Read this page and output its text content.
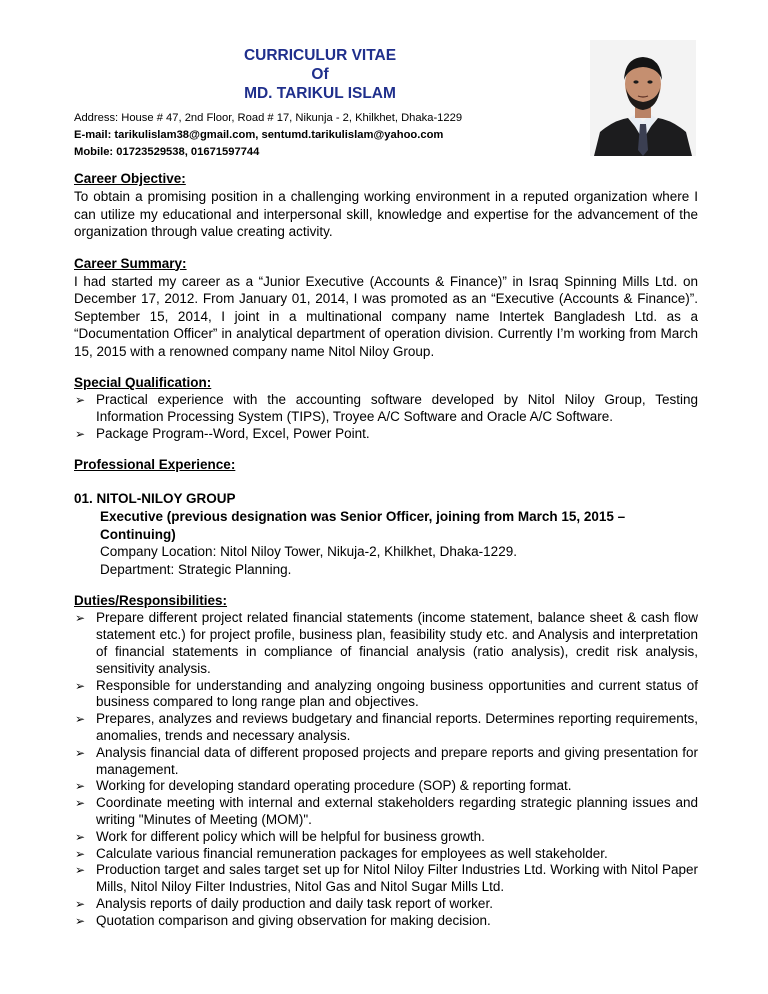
CURRICULUR VITAE
Of
MD. TARIKUL ISLAM
Address: House # 47, 2nd Floor, Road # 17, Nikunja - 2, Khilkhet, Dhaka-1229
E-mail: tarikulislam38@gmail.com, sentumd.tarikulislam@yahoo.com
Mobile: 01723529538, 01671597744
Career Objective:

To obtain a promising position in a challenging working environment in a reputed organization where I can utilize my educational and interpersonal skill, knowledge and expertise for the advancement of the organization through value creating activity.

Career Summary:

I had started my career as a “Junior Executive (Accounts & Finance)” in Israq Spinning Mills Ltd. on December 17, 2012. From January 01, 2014, I was promoted as an “Executive (Accounts & Finance)”. September 15, 2014, I joint in a multinational company name Intertek Bangladesh Ltd. as a “Documentation Officer” in analytical department of operation division. Currently I’m working from March 15, 2015 with a renowned company name Nitol Niloy Group.

Special Qualification:
➢ Practical experience with the accounting software developed by Nitol Niloy Group, Testing Information Processing System (TIPS), Troyee A/C Software and Oracle A/C Software.
➢ Package Program--Word, Excel, Power Point.
Professional Experience:
01. NITOL-NILOY GROUP
Executive (previous designation was Senior Officer, joining from March 15, 2015 – Continuing)
Company Location: Nitol Niloy Tower, Nikuja-2, Khilkhet, Dhaka-1229.
Department: Strategic Planning.
Duties/Responsibilities:
➢ Prepare different project related financial statements (income statement, balance sheet & cash flow statement etc.) for project profile, business plan, feasibility study etc. and Analysis and interpretation of financial statements in compliance of financial analysis (ratio analysis), credit risk analysis, sensitivity analysis.
➢ Responsible for understanding and analyzing ongoing business opportunities and current status of business compared to long range plan and objectives.
➢ Prepares, analyzes and reviews budgetary and financial reports. Determines reporting requirements, anomalies, trends and necessary analysis.
➢ Analysis financial data of different proposed projects and prepare reports and giving presentation for management.
➢ Working for developing standard operating procedure (SOP) & reporting format.
➢ Coordinate meeting with internal and external stakeholders regarding strategic planning issues and writing "Minutes of Meeting (MOM)".
➢ Work for different policy which will be helpful for business growth.
➢ Calculate various financial remuneration packages for employees as well stakeholder.
➢ Production target and sales target set up for Nitol Niloy Filter Industries Ltd. Working with Nitol Paper Mills, Nitol Niloy Filter Industries, Nitol Gas and Nitol Sugar Mills Ltd.
➢ Analysis reports of daily production and daily task report of worker.
➢ Quotation comparison and giving observation for making decision.
